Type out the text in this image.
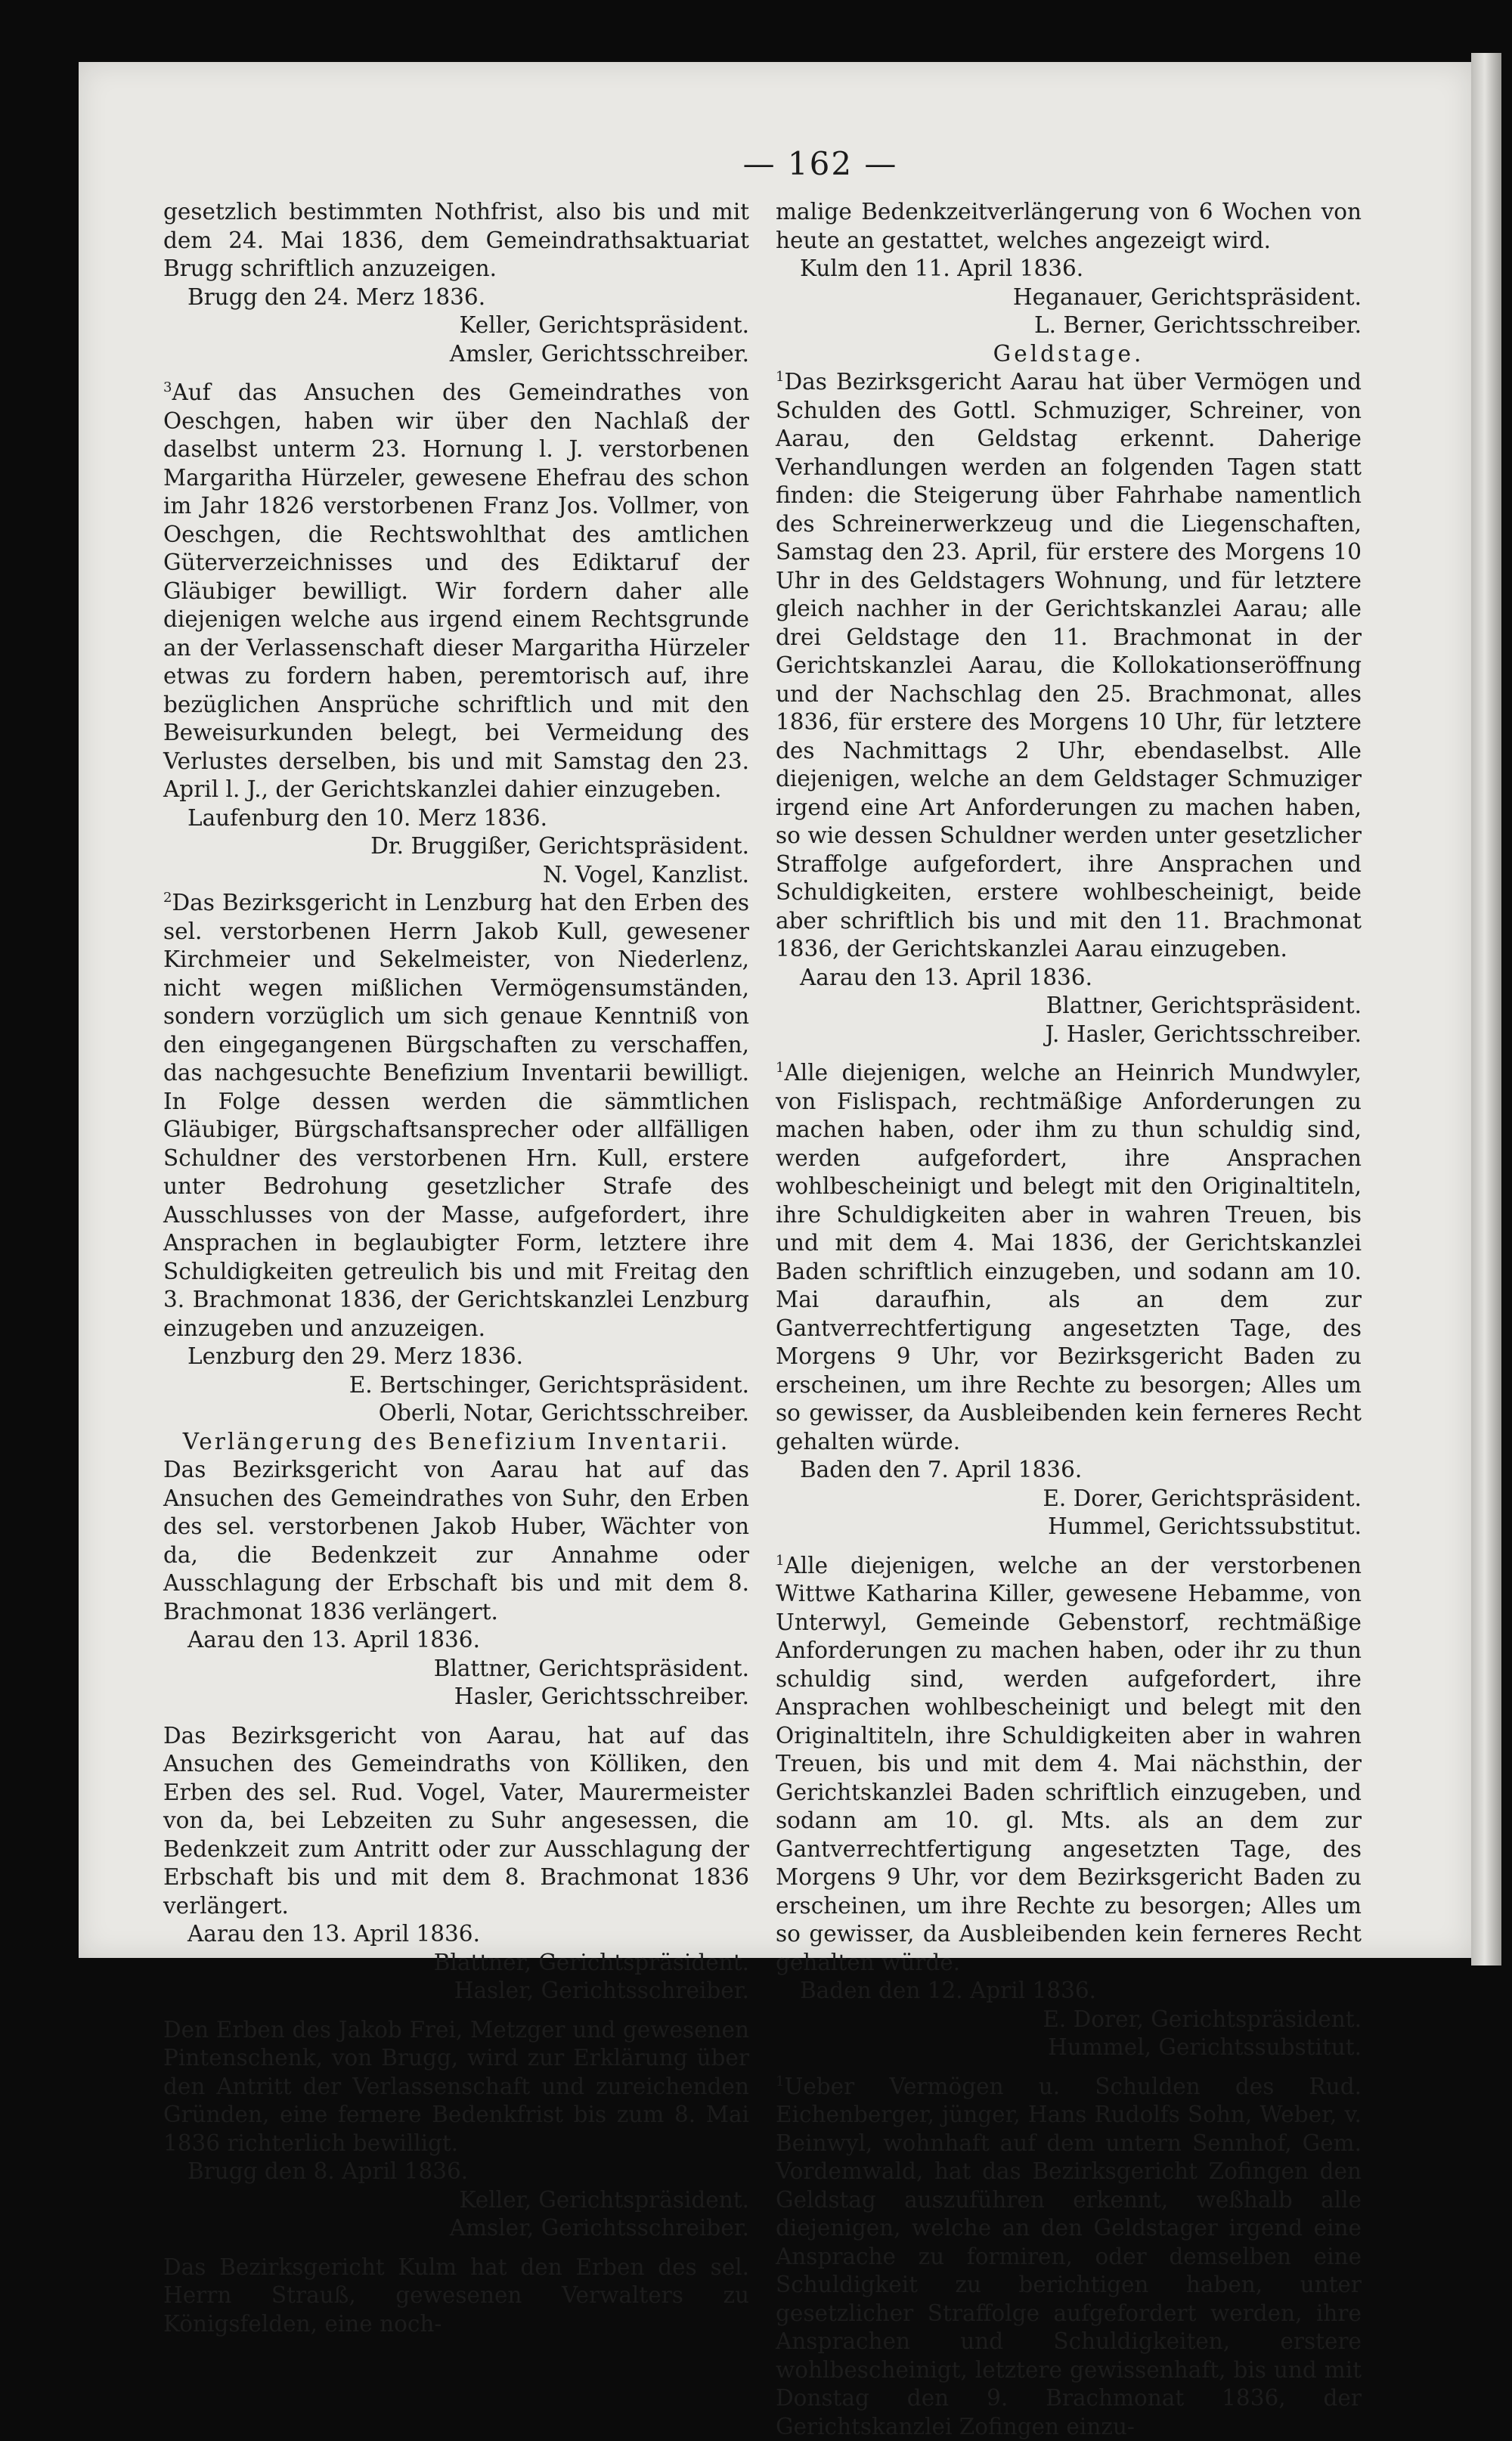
— 162 —

gesetzlich bestimmten Nothfrist, also bis und mit dem 24. Mai 1836, dem Gemeindrathsaktuariat Brugg schriftlich anzuzeigen.

Brugg den 24. Merz 1836.

Keller, Gerichtspräsident.

Amsler, Gerichtsschreiber.

$^3$Auf das Ansuchen des Gemeindrathes von Oeschgen, haben wir über den Nachlaß der daselbst unterm 23. Hornung l. J. verstorbenen Margaritha Hürzeler, gewesene Ehefrau des schon im Jahr 1826 verstorbenen Franz Jos. Vollmer, von Oeschgen, die Rechtswohlthat des amtlichen Güterverzeichnisses und des Ediktaruf der Gläubiger bewilligt. Wir fordern daher alle diejenigen welche aus irgend einem Rechtsgrunde an der Verlassenschaft dieser Margaritha Hürzeler etwas zu fordern haben, peremtorisch auf, ihre bezüglichen Ansprüche schriftlich und mit den Beweisurkunden belegt, bei Vermeidung des Verlustes derselben, bis und mit Samstag den 23. April l. J., der Gerichtskanzlei dahier einzugeben.

Laufenburg den 10. Merz 1836.

Dr. Bruggißer, Gerichtspräsident.

N. Vogel, Kanzlist.

$^2$Das Bezirksgericht in Lenzburg hat den Erben des sel. verstorbenen Herrn Jakob Kull, gewesener Kirchmeier und Sekelmeister, von Niederlenz, nicht wegen mißlichen Vermögensumständen, sondern vorzüglich um sich genaue Kenntniß von den eingegangenen Bürgschaften zu verschaffen, das nachgesuchte Benefizium Inventarii bewilligt. In Folge dessen werden die sämmtlichen Gläubiger, Bürgschaftsansprecher oder allfälligen Schuldner des verstorbenen Hrn. Kull, erstere unter Bedrohung gesetzlicher Strafe des Ausschlusses von der Masse, aufgefordert, ihre Ansprachen in beglaubigter Form, letztere ihre Schuldigkeiten getreulich bis und mit Freitag den 3. Brachmonat 1836, der Gerichtskanzlei Lenzburg einzugeben und anzuzeigen.

Lenzburg den 29. Merz 1836.

E. Bertschinger, Gerichtspräsident.

Oberli, Notar, Gerichtsschreiber.

Verlängerung des Benefizium Inventarii.

Das Bezirksgericht von Aarau hat auf das Ansuchen des Gemeindrathes von Suhr, den Erben des sel. verstorbenen Jakob Huber, Wächter von da, die Bedenkzeit zur Annahme oder Ausschlagung der Erbschaft bis und mit dem 8. Brachmonat 1836 verlängert.

Aarau den 13. April 1836.

Blattner, Gerichtspräsident.

Hasler, Gerichtsschreiber.

Das Bezirksgericht von Aarau, hat auf das Ansuchen des Gemeindraths von Kölliken, den Erben des sel. Rud. Vogel, Vater, Maurermeister von da, bei Lebzeiten zu Suhr angesessen, die Bedenkzeit zum Antritt oder zur Ausschlagung der Erbschaft bis und mit dem 8. Brachmonat 1836 verlängert.

Aarau den 13. April 1836.

Blattner, Gerichtspräsident.

Hasler, Gerichtsschreiber.

Den Erben des Jakob Frei, Metzger und gewesenen Pintenschenk, von Brugg, wird zur Erklärung über den Antritt der Verlassenschaft und zureichenden Gründen, eine fernere Bedenkfrist bis zum 8. Mai 1836 richterlich bewilligt.

Brugg den 8. April 1836.

Keller, Gerichtspräsident.

Amsler, Gerichtsschreiber.

Das Bezirksgericht Kulm hat den Erben des sel. Herrn Strauß, gewesenen Verwalters zu Königsfelden, eine noch-

malige Bedenkzeitverlängerung von 6 Wochen von heute an gestattet, welches angezeigt wird.

Kulm den 11. April 1836.

Heganauer, Gerichtspräsident.

L. Berner, Gerichtsschreiber.

Geldstage.

$^1$Das Bezirksgericht Aarau hat über Vermögen und Schulden des Gottl. Schmuziger, Schreiner, von Aarau, den Geldstag erkennt. Daherige Verhandlungen werden an folgenden Tagen statt finden: die Steigerung über Fahrhabe namentlich des Schreinerwerkzeug und die Liegenschaften, Samstag den 23. April, für erstere des Morgens 10 Uhr in des Geldstagers Wohnung, und für letztere gleich nachher in der Gerichtskanzlei Aarau; alle drei Geldstage den 11. Brachmonat in der Gerichtskanzlei Aarau, die Kollokationseröffnung und der Nachschlag den 25. Brachmonat, alles 1836, für erstere des Morgens 10 Uhr, für letztere des Nachmittags 2 Uhr, ebendaselbst. Alle diejenigen, welche an dem Geldstager Schmuziger irgend eine Art Anforderungen zu machen haben, so wie dessen Schuldner werden unter gesetzlicher Straffolge aufgefordert, ihre Ansprachen und Schuldigkeiten, erstere wohlbescheinigt, beide aber schriftlich bis und mit den 11. Brachmonat 1836, der Gerichtskanzlei Aarau einzugeben.

Aarau den 13. April 1836.

Blattner, Gerichtspräsident.

J. Hasler, Gerichtsschreiber.

$^1$Alle diejenigen, welche an Heinrich Mundwyler, von Fislispach, rechtmäßige Anforderungen zu machen haben, oder ihm zu thun schuldig sind, werden aufgefordert, ihre Ansprachen wohlbescheinigt und belegt mit den Originaltiteln, ihre Schuldigkeiten aber in wahren Treuen, bis und mit dem 4. Mai 1836, der Gerichtskanzlei Baden schriftlich einzugeben, und sodann am 10. Mai daraufhin, als an dem zur Gantverrechtfertigung angesetzten Tage, des Morgens 9 Uhr, vor Bezirksgericht Baden zu erscheinen, um ihre Rechte zu besorgen; Alles um so gewisser, da Ausbleibenden kein ferneres Recht gehalten würde.

Baden den 7. April 1836.

E. Dorer, Gerichtspräsident.

Hummel, Gerichtssubstitut.

$^1$Alle diejenigen, welche an der verstorbenen Wittwe Katharina Killer, gewesene Hebamme, von Unterwyl, Gemeinde Gebenstorf, rechtmäßige Anforderungen zu machen haben, oder ihr zu thun schuldig sind, werden aufgefordert, ihre Ansprachen wohlbescheinigt und belegt mit den Originaltiteln, ihre Schuldigkeiten aber in wahren Treuen, bis und mit dem 4. Mai nächsthin, der Gerichtskanzlei Baden schriftlich einzugeben, und sodann am 10. gl. Mts. als an dem zur Gantverrechtfertigung angesetzten Tage, des Morgens 9 Uhr, vor dem Bezirksgericht Baden zu erscheinen, um ihre Rechte zu besorgen; Alles um so gewisser, da Ausbleibenden kein ferneres Recht gehalten würde.

Baden den 12. April 1836.

E. Dorer, Gerichtspräsident.

Hummel, Gerichtssubstitut.

$^1$Ueber Vermögen u. Schulden des Rud. Eichenberger, jünger, Hans Rudolfs Sohn, Weber, v. Beinwyl, wohnhaft auf dem untern Sennhof, Gem. Vordemwald, hat das Bezirksgericht Zofingen den Geldstag auszuführen erkennt, weßhalb alle diejenigen, welche an den Geldstager irgend eine Ansprache zu formiren, oder demselben eine Schuldigkeit zu berichtigen haben, unter gesetzlicher Straffolge aufgefordert werden, ihre Ansprachen und Schuldigkeiten, erstere wohlbescheinigt, letztere gewissenhaft, bis und mit Donstag den 9. Brachmonat 1836, der Gerichtskanzlei Zofingen einzu-
